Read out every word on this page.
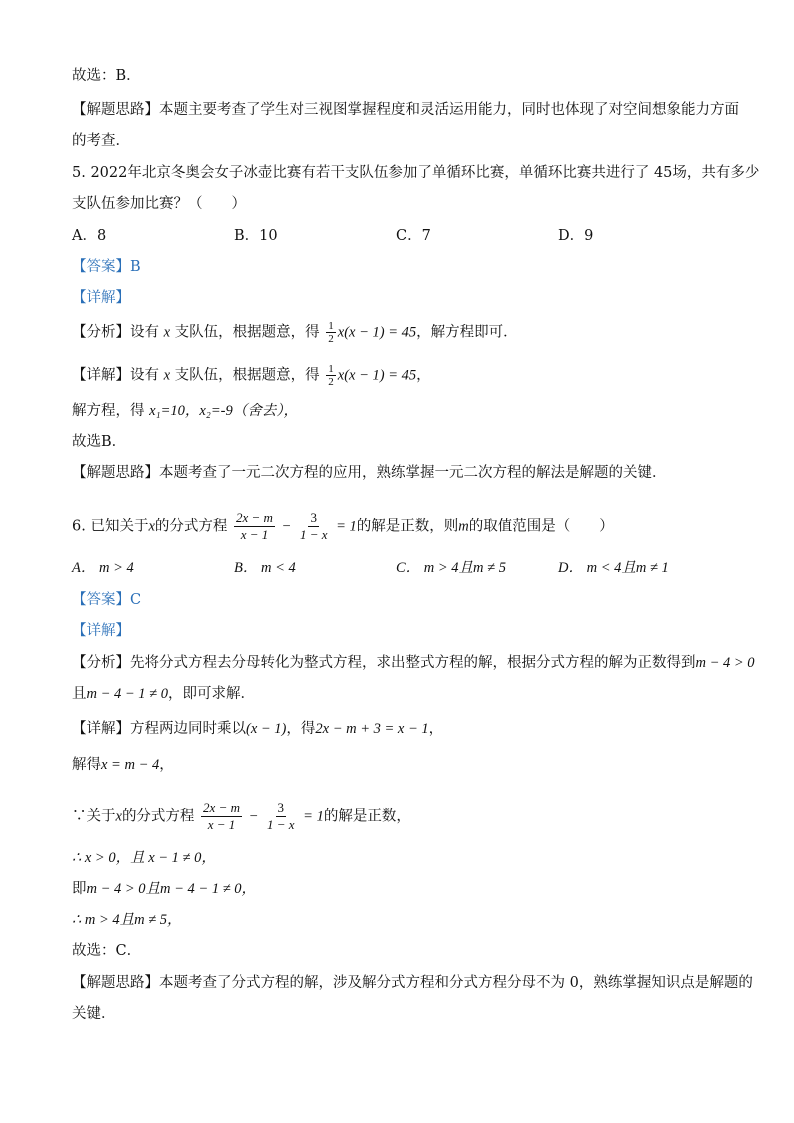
故选：B．
【解题思路】本题主要考查了学生对三视图掌握程度和灵活运用能力，同时也体现了对空间想象能力方面
的考查．
5. 2022年北京冬奥会女子冰壶比赛有若干支队伍参加了单循环比赛，单循环比赛共进行了 45场，共有多少
支队伍参加比赛？（　　）
A．8	B．10	C．7	D．9
【答案】B
【详解】
【分析】设有 x 支队伍，根据题意，得 $\frac{1}{2} x(x - 1) = 45$，解方程即可．
【详解】设有 x 支队伍，根据题意，得 $\frac{1}{2} x(x - 1) = 45$，
解方程，得 x₁=10，x₂=-9（舍去），
故选B．
【解题思路】本题考查了一元二次方程的应用，熟练掌握一元二次方程的解法是解题的关键．
6. 已知关于x的分式方程 $\frac{2x - m}{x - 1} - \frac{3}{1 - x} = 1$的解是正数，则m的取值范围是（　　）
A． m > 4	B． m < 4	C． m > 4且m ≠ 5	D． m < 4且m ≠ 1
【答案】C
【详解】
【分析】先将分式方程去分母转化为整式方程，求出整式方程的解，根据分式方程的解为正数得到m − 4 > 0
且m − 4 − 1 ≠ 0，即可求解．
【详解】方程两边同时乘以(x − 1)，得2x − m + 3 = x − 1，
解得x = m − 4，
∵关于x的分式方程 $\frac{2x - m}{x - 1} - \frac{3}{1 - x} = 1$的解是正数，
∴ x > 0，且 x − 1 ≠ 0，
即m − 4 > 0且m − 4 − 1 ≠ 0，
∴ m > 4且m ≠ 5，
故选：C．
【解题思路】本题考查了分式方程的解，涉及解分式方程和分式方程分母不为 0，熟练掌握知识点是解题的
关键．
